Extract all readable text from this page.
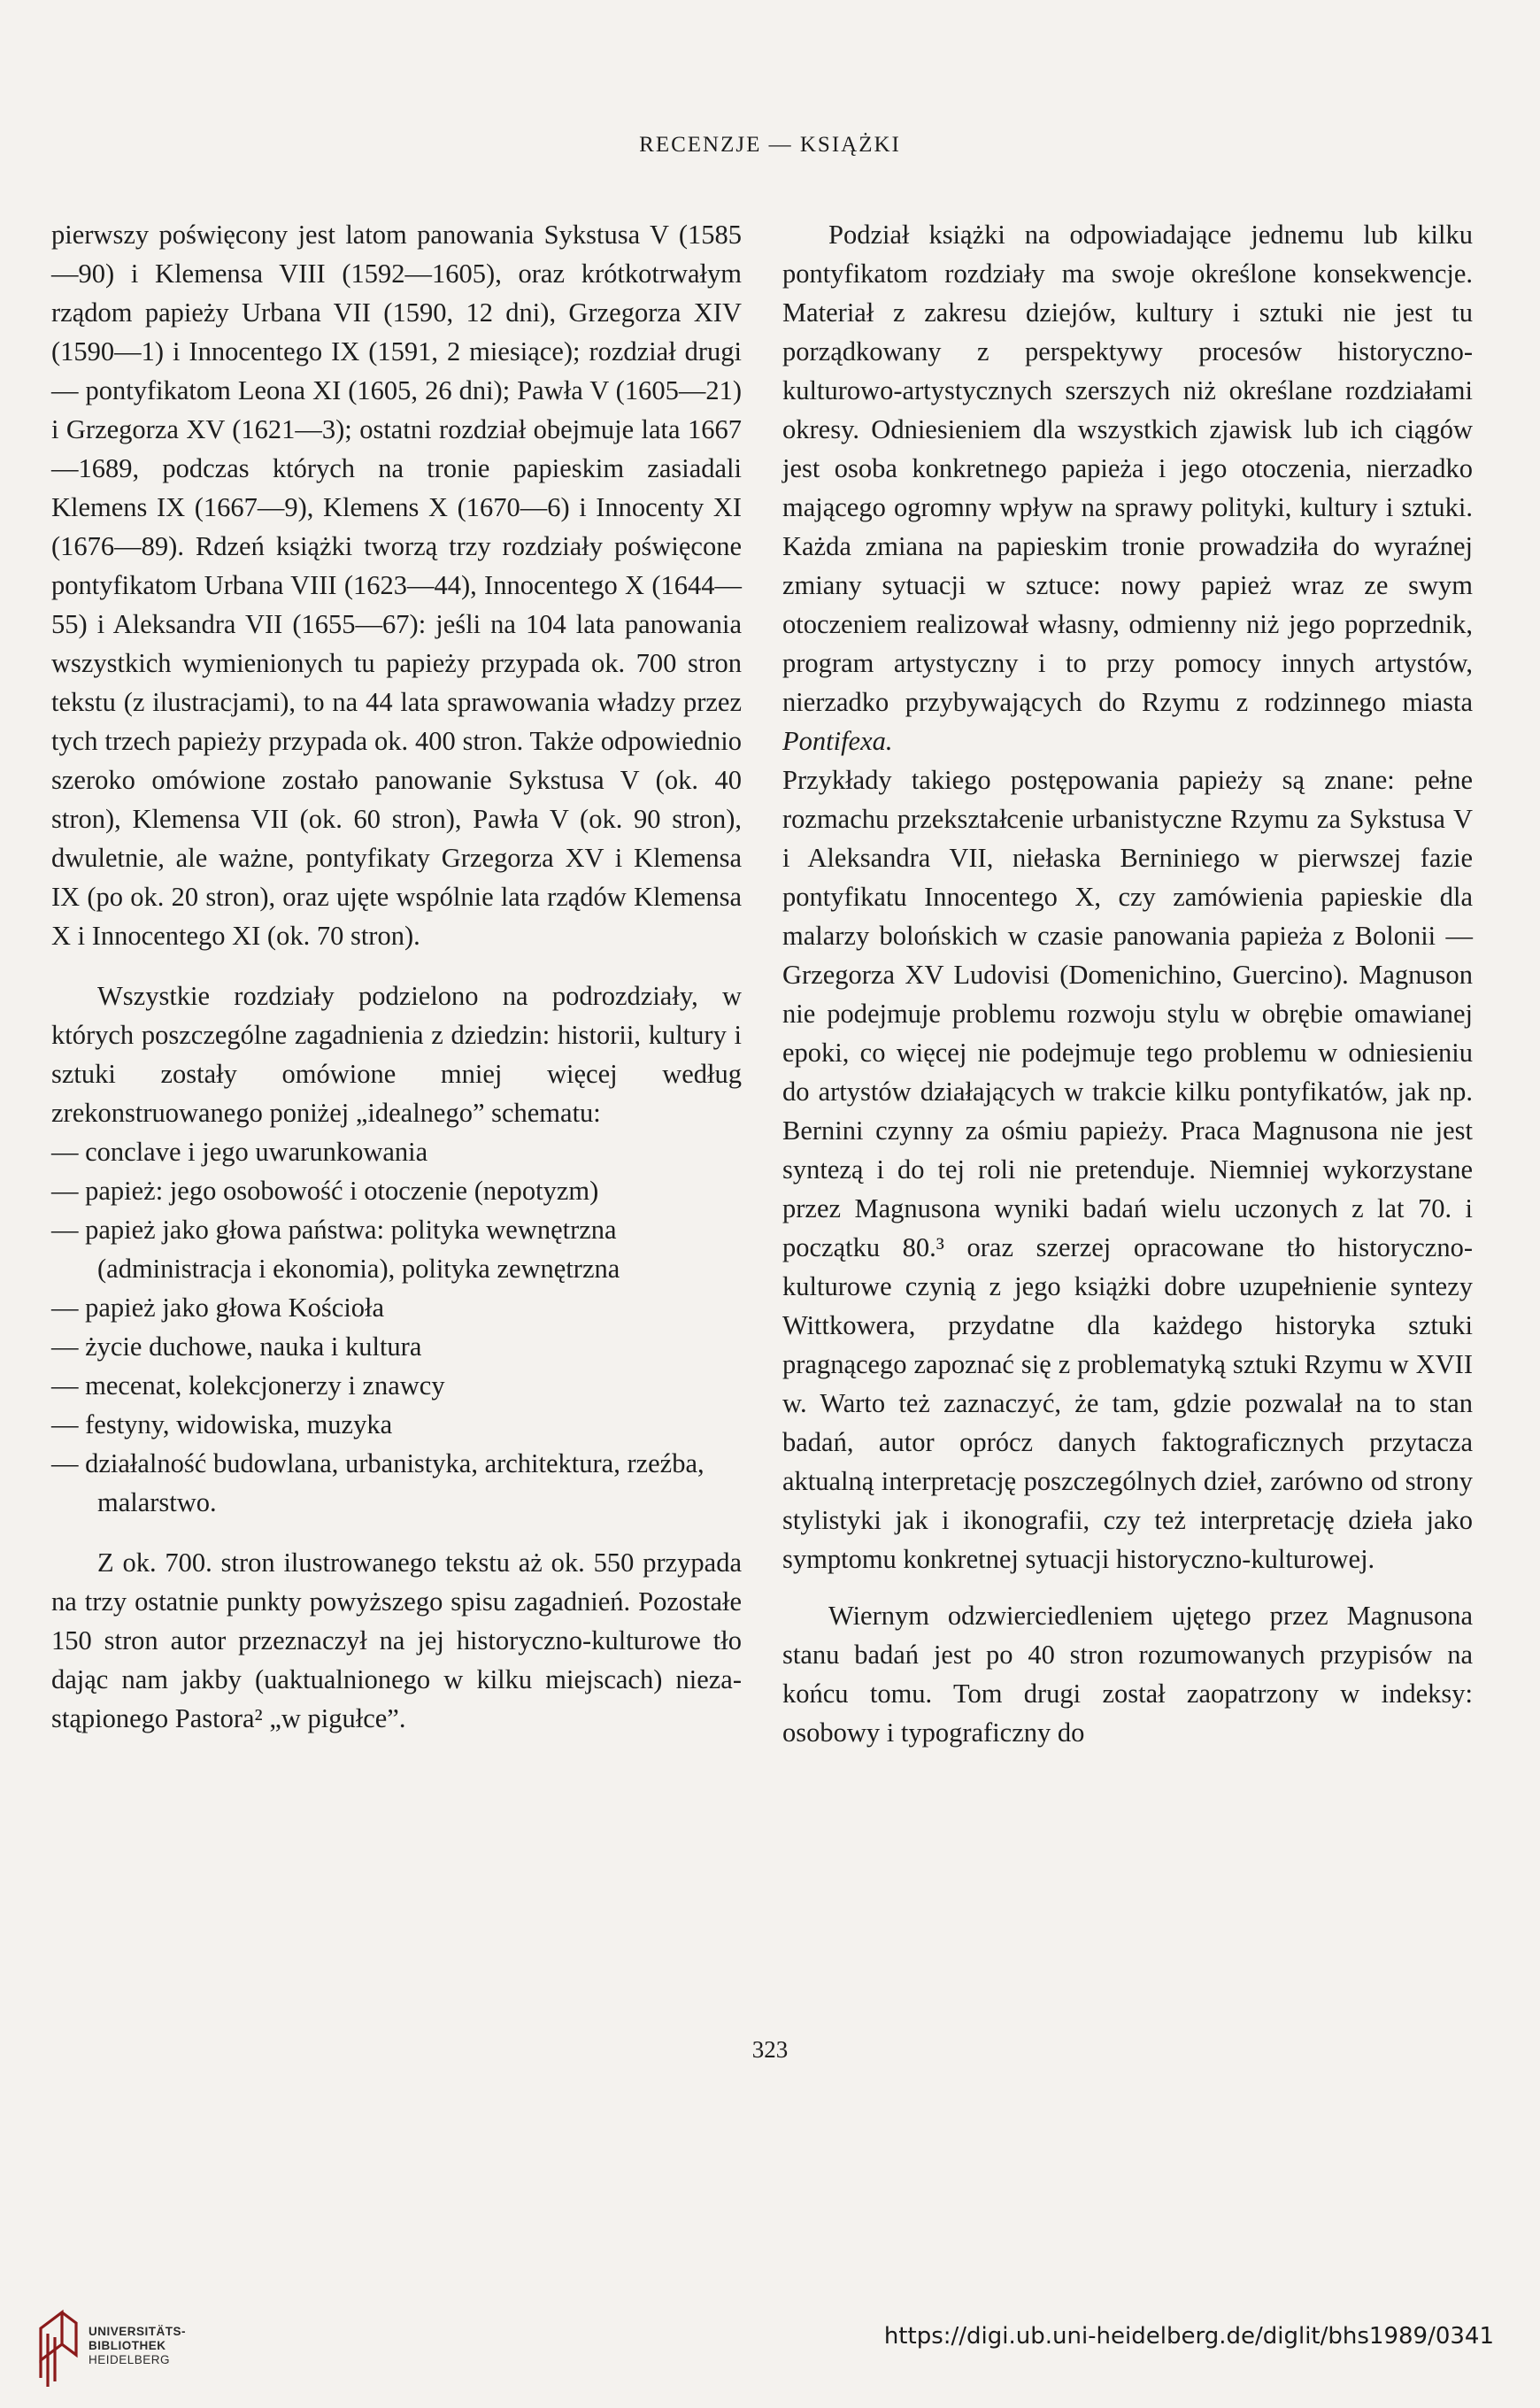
RECENZJE — KSIĄŻKI

pierwszy poświęcony jest latom panowania Sykstusa V (1585—90) i Klemensa VIII (1592—1605), oraz krótkotrwałym rządom papieży Urbana VII (1590, 12 dni), Grzegorza XIV (1590—1) i Innocentego IX (1591, 2 miesiące); rozdział drugi — pontyfikatom Leona XI (1605, 26 dni); Pawła V (1605—21) i Grzegorza XV (1621—3); ostatni rozdział obejmuje lata 1667—1689, podczas których na tronie papieskim zasiadali Klemens IX (1667—9), Klemens X (1670—6) i Innocenty XI (1676—89). Rdzeń książki tworzą trzy rozdziały poświęcone pontyfikatom Urbana VIII (1623—44), Innocentego X (1644—55) i Aleksandra VII (1655—67): jeśli na 104 lata panowania wszystkich wymienionych tu papieży przypada ok. 700 stron tekstu (z ilustracjami), to na 44 lata sprawowania władzy przez tych trzech papieży przypada ok. 400 stron. Także odpowiednio szeroko omówione zostało panowanie Sykstusa V (ok. 40 stron), Klemensa VII (ok. 60 stron), Pawła V (ok. 90 stron), dwuletnie, ale ważne, pontyfikaty Grzegorza XV i Klemensa IX (po ok. 20 stron), oraz ujęte wspólnie lata rządów Klemensa X i Innocentego XI (ok. 70 stron).

Wszystkie rozdziały podzielono na podrozdziały, w których poszczególne zagadnienia z dziedzin: historii, kultury i sztuki zostały omówione mniej więcej według zrekonstruowanego poniżej „idealnego” schematu:

— conclave i jego uwarunkowania
— papież: jego osobowość i otoczenie (nepotyzm)
— papież jako głowa państwa: polityka wewnętrzna (administracja i ekonomia), polityka zewnętrzna
— papież jako głowa Kościoła
— życie duchowe, nauka i kultura
— mecenat, kolekcjonerzy i znawcy
— festyny, widowiska, muzyka
— działalność budowlana, urbanistyka, architektura, rzeźba, malarstwo.

Z ok. 700. stron ilustrowanego tekstu aż ok. 550 przypada na trzy ostatnie punkty powyższego spisu zagadnień. Pozostałe 150 stron autor przeznaczył na jej historyczno-kulturowe tło dając nam jakby (uaktualnionego w kilku miejscach) niezastąpionego Pastora² „w pigułce”.

Podział książki na odpowiadające jednemu lub kilku pontyfikatom rozdziały ma swoje określone konsekwencje. Materiał z zakresu dziejów, kultury i sztuki nie jest tu porządkowany z perspektywy procesów historyczno-kulturowo-artystycznych szerszych niż określane rozdziałami okresy. Odniesieniem dla wszystkich zjawisk lub ich ciągów jest osoba konkretnego papieża i jego otoczenia, nierzadko mającego ogromny wpływ na sprawy polityki, kultury i sztuki. Każda zmiana na papieskim tronie prowadziła do wyraźnej zmiany sytuacji w sztuce: nowy papież wraz ze swym otoczeniem realizował własny, odmienny niż jego poprzednik, program artystyczny i to przy pomocy innych artystów, nierzadko przybywających do Rzymu z rodzinnego miasta Pontifexa.

Przykłady takiego postępowania papieży są znane: pełne rozmachu przekształcenie urbanistyczne Rzymu za Sykstusa V i Aleksandra VII, niełaska Berniniego w pierwszej fazie pontyfikatu Innocentego X, czy zamówienia papieskie dla malarzy bolońskich w czasie panowania papieża z Bolonii — Grzegorza XV Ludovisi (Domenichino, Guercino). Magnuson nie podejmuje problemu rozwoju stylu w obrębie omawianej epoki, co więcej nie podejmuje tego problemu w odniesieniu do artystów działających w trakcie kilku pontyfikatów, jak np. Bernini czynny za ośmiu papieży. Praca Magnusona nie jest syntezą i do tej roli nie pretenduje. Niemniej wykorzystane przez Magnusona wyniki badań wielu uczonych z lat 70. i początku 80.³ oraz szerzej opracowane tło historyczno-kulturowe czynią z jego książki dobre uzupełnienie syntezy Wittkowera, przydatne dla każdego historyka sztuki pragnącego zapoznać się z problematyką sztuki Rzymu w XVII w. Warto też zaznaczyć, że tam, gdzie pozwalał na to stan badań, autor oprócz danych faktograficznych przytacza aktualną interpretację poszczególnych dzieł, zarówno od strony stylistyki jak i ikonografii, czy też interpretację dzieła jako symptomu konkretnej sytuacji historyczno-kulturowej.

Wiernym odzwierciedleniem ujętego przez Magnusona stanu badań jest po 40 stron rozumowanych przypisów na końcu tomu. Tom drugi został zaopatrzony w indeksy: osobowy i typograficzny do

323
UNIVERSITÄTS-
BIBLIOTHEK
HEIDELBERG
https://digi.ub.uni-heidelberg.de/diglit/bhs1989/0341
